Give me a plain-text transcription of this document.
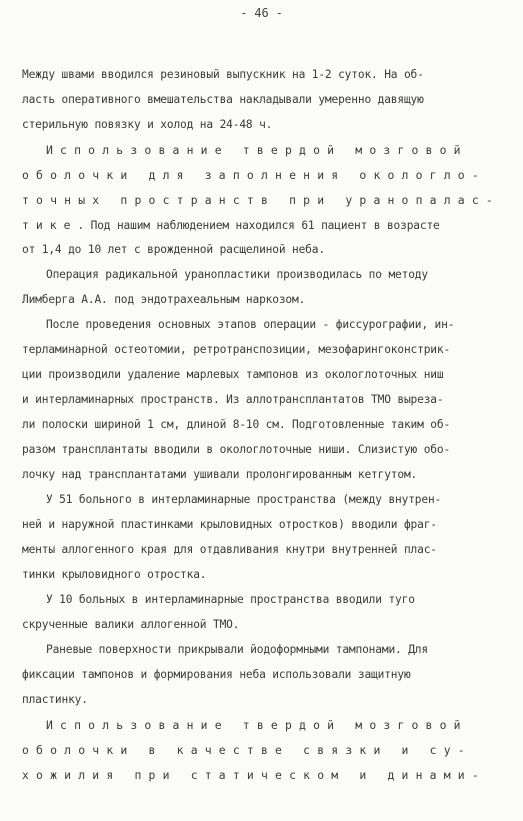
- 46 -
Между швами вводился резиновый выпускник на 1-2 суток. На об-
ласть оперативного вмешательства накладывали умеренно давящую
стерильную повязку и холод на 24-48 ч.
Использование твердой мозговой
оболочки для заполнения окологло-
точных пространств при уранопалас-
тике. Под нашим наблюдением находился 61 пациент в возрасте
от 1,4 до 10 лет с врожденной расщелиной неба.
Операция радикальной уранопластики производилась по методу
Лимберга А.А. под эндотрахеальным наркозом.
После проведения основных этапов операции - фиссурографии, ин-
терламинарной остеотомии, ретротранспозиции, мезофарингоконстрик-
ции производили удаление марлевых тампонов из окологлоточных ниш
и интерламинарных пространств. Из аллотрансплантатов ТМО выреза-
ли полоски шириной 1 см, длиной 8-10 см. Подготовленные таким об-
разом трансплантаты вводили в окологлоточные ниши. Слизистую обо-
лочку над трансплантатами ушивали пролонгированным кетгутом.
У 51 больного в интерламинарные пространства (между внутрен-
ней и наружной пластинками крыловидных отростков) вводили фраг-
менты аллогенного края для отдавливания кнутри внутренней плас-
тинки крыловидного отростка.
У 10 больных в интерламинарные пространства вводили туго
скрученные валики аллогенной ТМО.
Раневые поверхности прикрывали йодоформными тампонами. Для
фиксации тампонов и формирования неба использовали защитную
пластинку.
Использование твердой мозговой
оболочки в качестве связки и су-
хожилия при статическом и динами-
